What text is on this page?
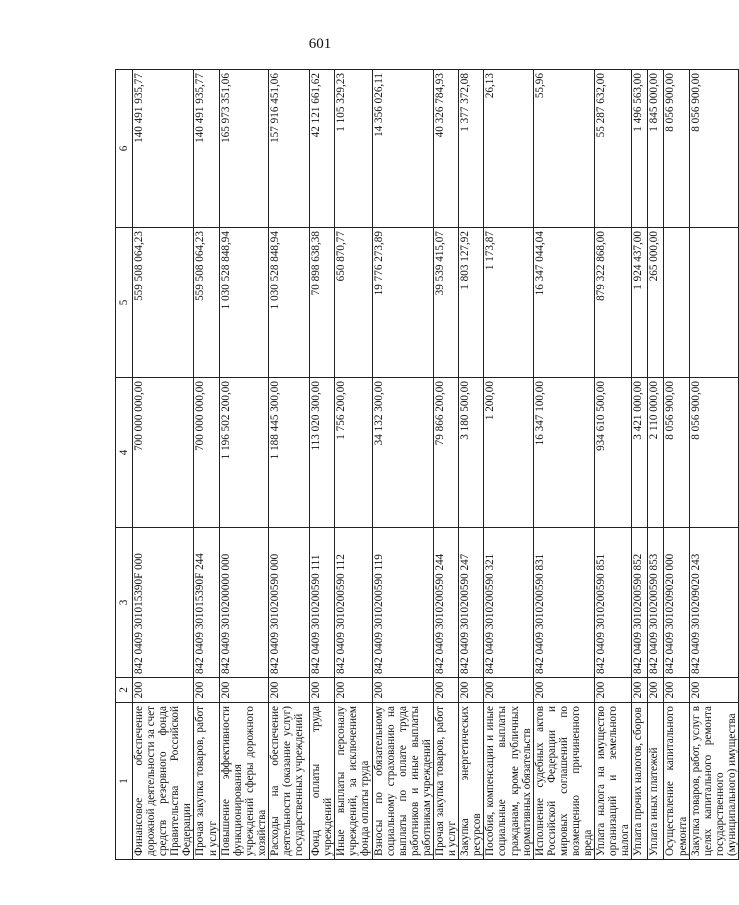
601
1	2	3	4	5	6
Финансовое обеспечение дорожной деятельности за счет средств резервного фонда Правительства Российской Федерации	200	842 0409 301015390F 000	700 000 000,00	559 508 064,23	140 491 935,77
Прочая закупка товаров, работ и услуг	200	842 0409 301015390F 244	700 000 000,00	559 508 064,23	140 491 935,77
Повышение эффективности функционирования учреждений сферы дорожного хозяйства	200	842 0409 3010200000 000	1 196 502 200,00	1 030 528 848,94	165 973 351,06
Расходы на обеспечение деятельности (оказание услуг) государственных учреждений	200	842 0409 3010200590 000	1 188 445 300,00	1 030 528 848,94	157 916 451,06
Фонд оплаты труда учреждений	200	842 0409 3010200590 111	113 020 300,00	70 898 638,38	42 121 661,62
Иные выплаты персоналу учреждений, за исключением фонда оплаты труда	200	842 0409 3010200590 112	1 756 200,00	650 870,77	1 105 329,23
Взносы по обязательному социальному страхованию на выплаты по оплате труда работников и иные выплаты работникам учреждений	200	842 0409 3010200590 119	34 132 300,00	19 776 273,89	14 356 026,11
Прочая закупка товаров, работ и услуг	200	842 0409 3010200590 244	79 866 200,00	39 539 415,07	40 326 784,93
Закупка энергетических ресурсов	200	842 0409 3010200590 247	3 180 500,00	1 803 127,92	1 377 372,08
Пособия, компенсации и иные социальные выплаты гражданам, кроме публичных нормативных обязательств	200	842 0409 3010200590 321	1 200,00	1 173,87	26,13
Исполнение судебных актов Российской Федерации и мировых соглашений по возмещению причиненного вреда	200	842 0409 3010200590 831	16 347 100,00	16 347 044,04	55,96
Уплата налога на имущество организаций и земельного налога	200	842 0409 3010200590 851	934 610 500,00	879 322 868,00	55 287 632,00
Уплата прочих налогов, сборов	200	842 0409 3010200590 852	3 421 000,00	1 924 437,00	1 496 563,00
Уплата иных платежей	200	842 0409 3010200590 853	2 110 000,00	265 000,00	1 845 000,00
Осуществление капитального ремонта	200	842 0409 3010209020 000	8 056 900,00		8 056 900,00
Закупка товаров, работ, услуг в целях капитального ремонта государственного (муниципального) имущества	200	842 0409 3010209020 243	8 056 900,00		8 056 900,00
